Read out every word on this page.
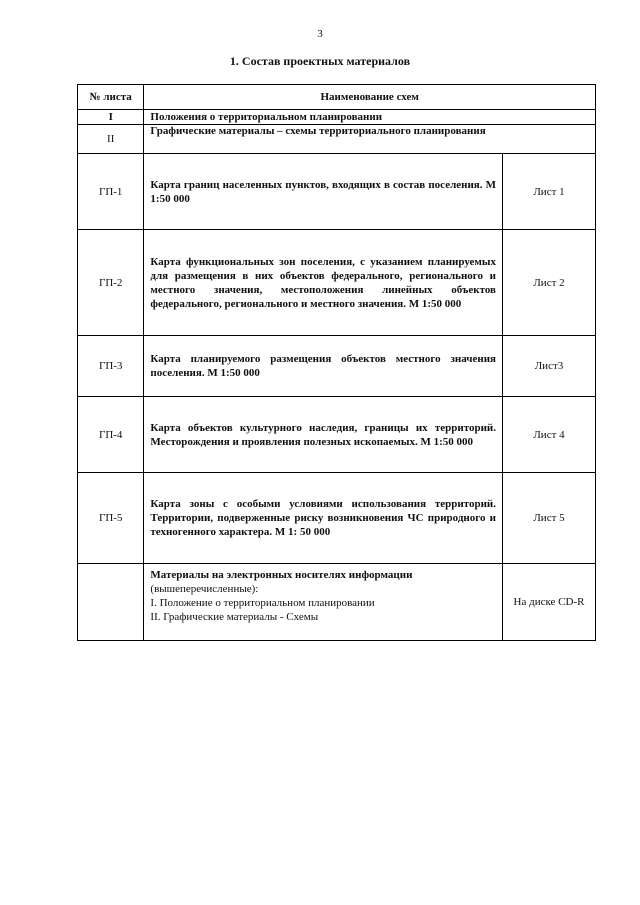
3
1. Состав проектных материалов
№ листа	Наименование схем	
I	Положения о территориальном планировании	
II	Графические материалы – схемы территориального планирования	
ГП-1	Карта границ населенных пунктов, входящих в состав поселения. М 1:50 000	Лист 1
ГП-2	Карта функциональных зон поселения, с указанием планируемых для размещения в них объектов федерального, регионального и местного значения, местоположения линейных объектов федерального, регионального и местного значения. М 1:50 000	Лист 2
ГП-3	Карта планируемого размещения объектов местного значения поселения. М 1:50 000	Лист3
ГП-4	Карта объектов культурного наследия, границы их территорий. Месторождения и проявления полезных ископаемых. М 1:50 000	Лист 4
ГП-5	Карта зоны с особыми условиями использования территорий. Территории, подверженные риску возникновения ЧС природного и техногенного характера. М 1: 50 000	Лист 5

	Материалы на электронных носителях информации
(вышеперечисленные):
I. Положение о территориальном планировании
II. Графические материалы - Схемы	На диске CD-R
